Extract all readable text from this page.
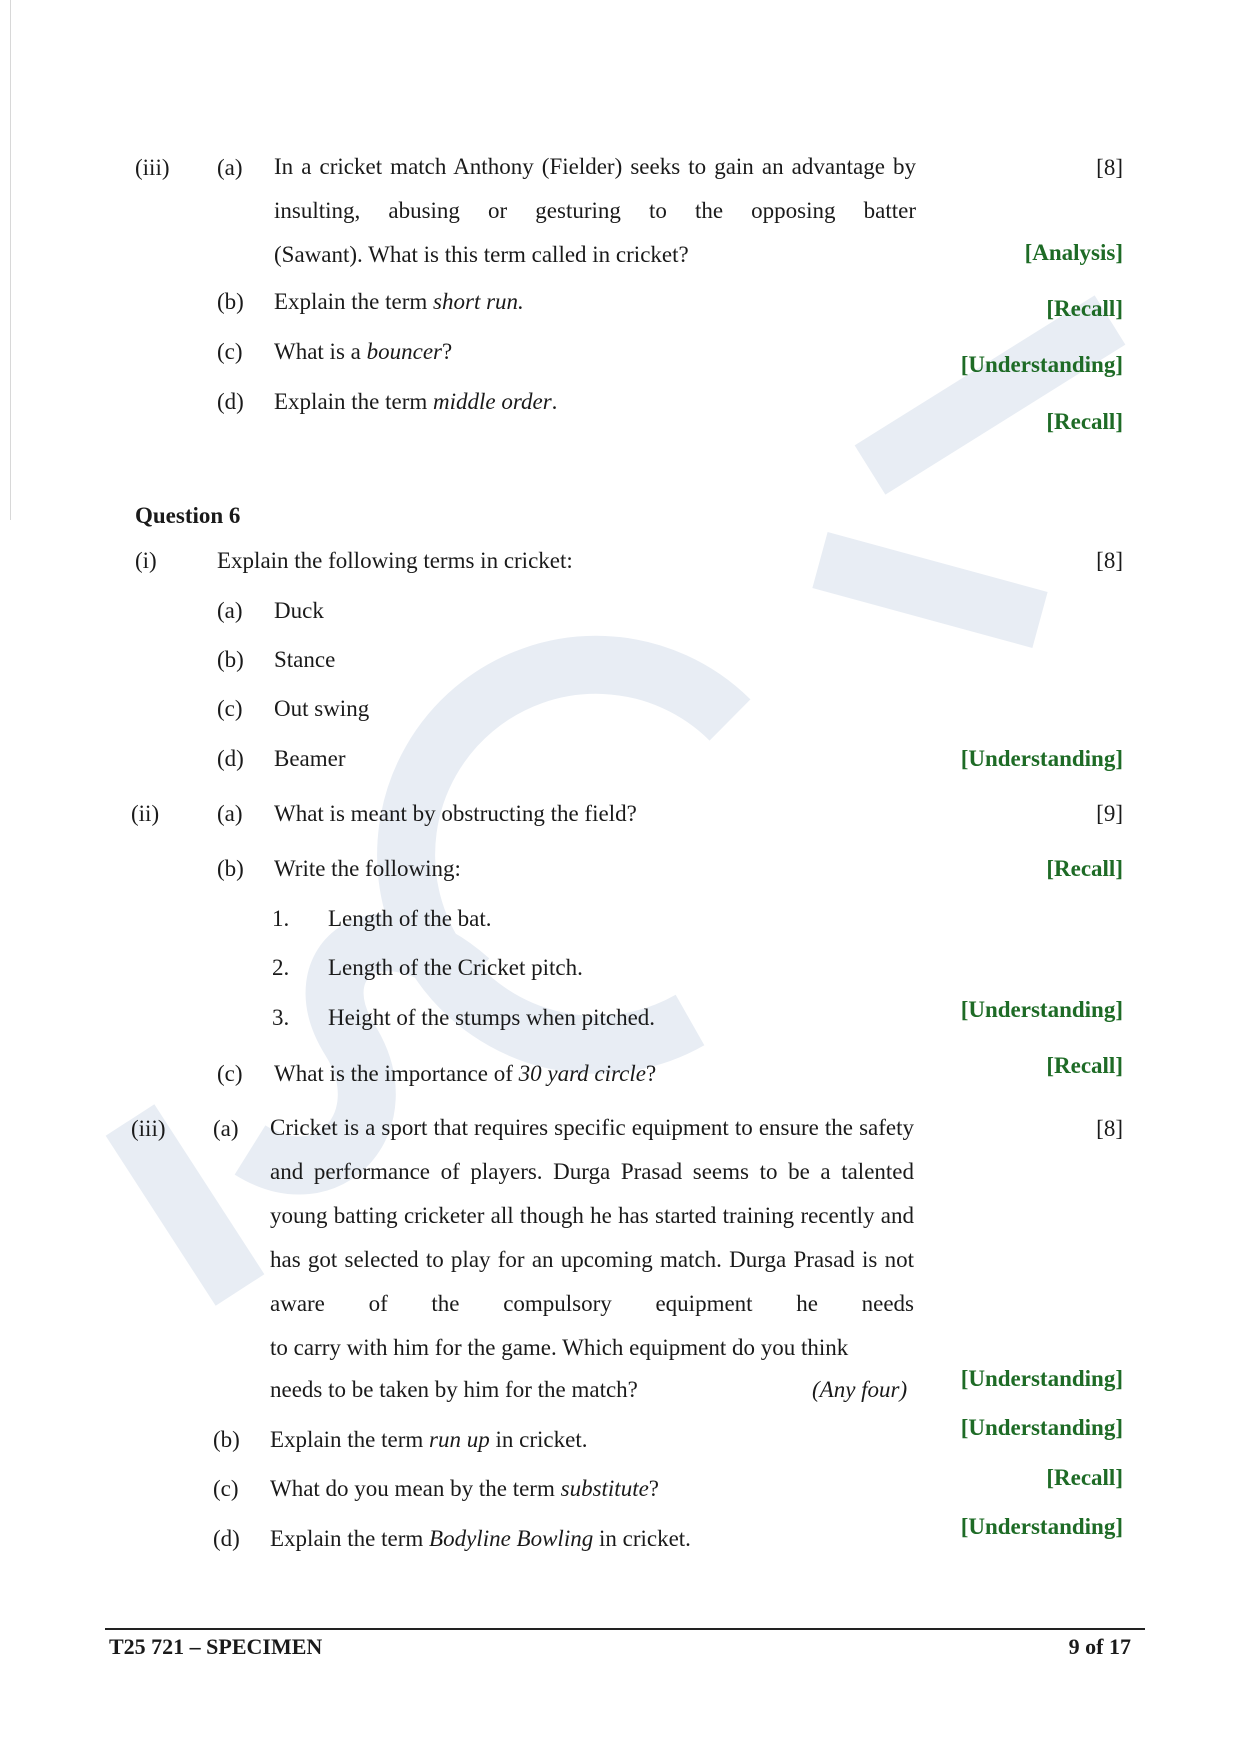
(iii) (a) In a cricket match Anthony (Fielder) seeks to gain an advantage by insulting, abusing or gesturing to the opposing batter
(Sawant). What is this term called in cricket?
[8]
[Analysis]
(b) Explain the term short run.	[Recall]
(c) What is a bouncer?
[Understanding]
(d) Explain the term middle order.
[Recall]
Question 6
(i)	Explain the following terms in cricket:	[8]
(a) Duck
(b) Stance
(c) Out swing
(d) Beamer	[Understanding]
(ii)	(a) What is meant by obstructing the field?	[9]
(b) Write the following:	[Recall]
1. Length of the bat.
2. Length of the Cricket pitch.
3. Height of the stumps when pitched.	[Understanding]
(c) What is the importance of 30 yard circle?	[Recall]
(iii) (a)	[8]
Cricket is a sport that requires specific equipment to ensure the safety and performance of players. Durga Prasad seems to be a talented young batting cricketer all though he has started training recently and has got selected to play for an upcoming match. Durga Prasad is not aware of the compulsory equipment he needs
to carry with him for the game. Which equipment do you think
needs to be taken by him for the match?	(Any four) [Understanding]
(b) Explain the term run up in cricket.	[Understanding]
(c) What do you mean by the term substitute?	[Recall]
(d) Explain the term Bodyline Bowling in cricket.	[Understanding]
T25 721 – SPECIMEN	9 of 17
